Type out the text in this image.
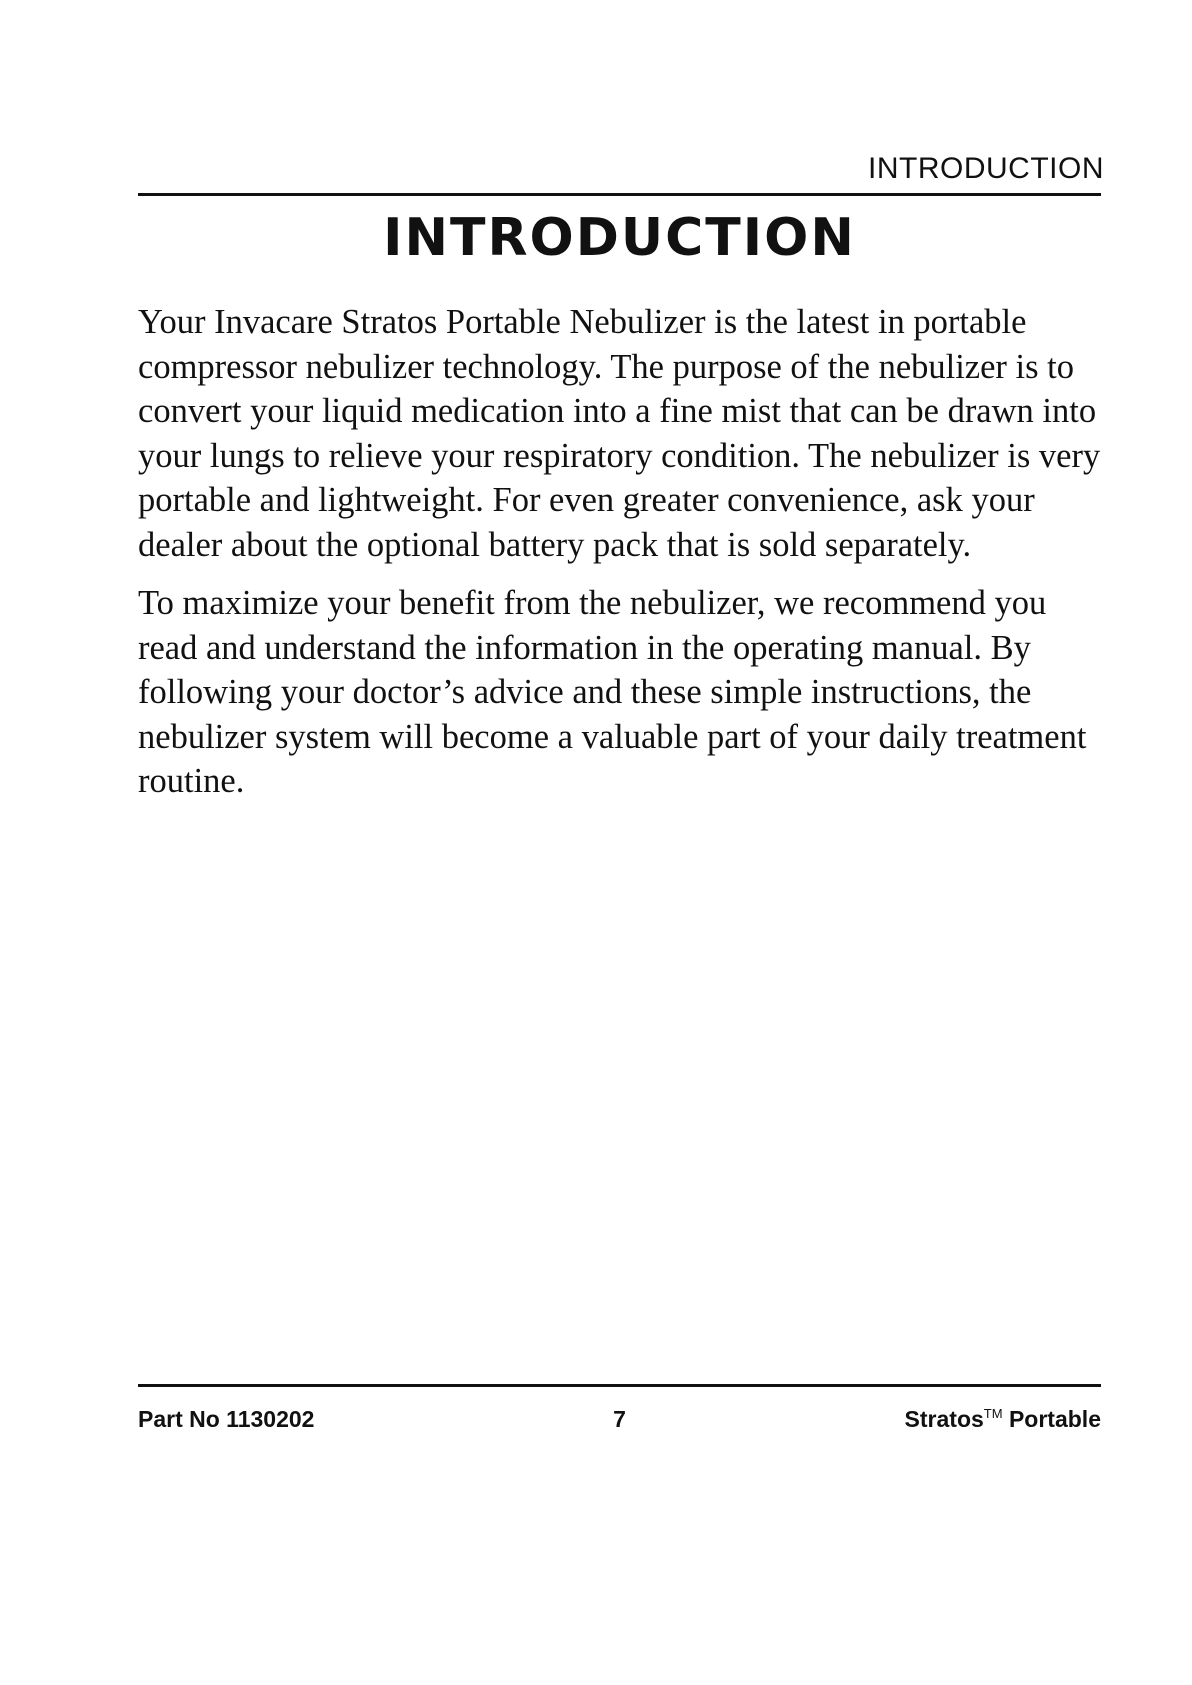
INTRODUCTION
INTRODUCTION

Your Invacare Stratos Portable Nebulizer is the latest in portable compressor nebulizer technology. The purpose of the nebulizer is to convert your liquid medication into a fine mist that can be drawn into your lungs to relieve your respiratory condition. The nebulizer is very portable and lightweight. For even greater convenience, ask your dealer about the optional battery pack that is sold separately.

To maximize your benefit from the nebulizer, we recommend you read and understand the information in the operating manual. By following your doctor’s advice and these simple instructions, the nebulizer system will become a valuable part of your daily treatment routine.

Part No 1130202	7	Stratos™ Portable
